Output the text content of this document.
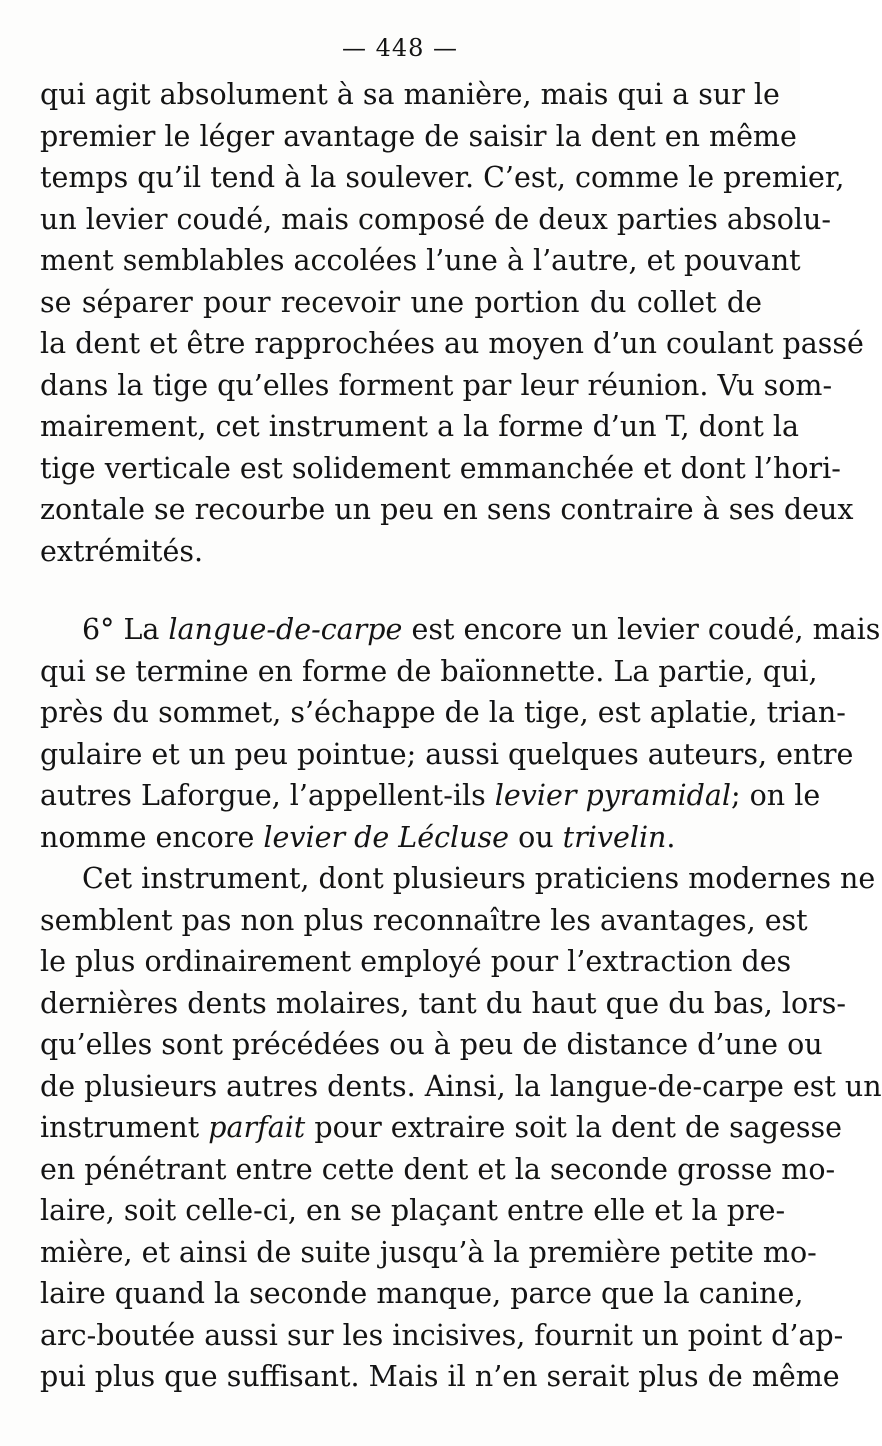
— 448 —
qui agit absolument à sa manière, mais qui a sur le
premier le léger avantage de saisir la dent en même
temps qu’il tend à la soulever. C’est, comme le premier,
un levier coudé, mais composé de deux parties absolu-
ment semblables accolées l’une à l’autre, et pouvant
se séparer pour recevoir une portion du collet de
la dent et être rapprochées au moyen d’un coulant passé
dans la tige qu’elles forment par leur réunion. Vu som-
mairement, cet instrument a la forme d’un T, dont la
tige verticale est solidement emmanchée et dont l’hori-
zontale se recourbe un peu en sens contraire à ses deux
extrémités.
6° La langue-de-carpe est encore un levier coudé, mais
qui se termine en forme de baïonnette. La partie, qui,
près du sommet, s’échappe de la tige, est aplatie, trian-
gulaire et un peu pointue; aussi quelques auteurs, entre
autres Laforgue, l’appellent-ils levier pyramidal; on le
nomme encore levier de Lécluse ou trivelin.
Cet instrument, dont plusieurs praticiens modernes ne
semblent pas non plus reconnaître les avantages, est
le plus ordinairement employé pour l’extraction des
dernières dents molaires, tant du haut que du bas, lors-
qu’elles sont précédées ou à peu de distance d’une ou
de plusieurs autres dents. Ainsi, la langue-de-carpe est un
instrument parfait pour extraire soit la dent de sagesse
en pénétrant entre cette dent et la seconde grosse mo-
laire, soit celle-ci, en se plaçant entre elle et la pre-
mière, et ainsi de suite jusqu’à la première petite mo-
laire quand la seconde manque, parce que la canine,
arc-boutée aussi sur les incisives, fournit un point d’ap-
pui plus que suffisant. Mais il n’en serait plus de même
